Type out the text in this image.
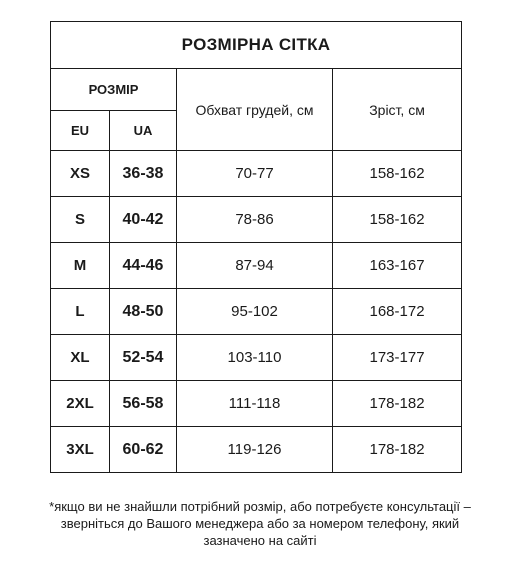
РОЗМІРНА СІТКА			
РОЗМІР		Обхват грудей, см	Зріст, см
EU	UA		
XS	36-38	70-77	158-162
S	40-42	78-86	158-162
M	44-46	87-94	163-167
L	48-50	95-102	168-172
XL	52-54	103-110	173-177
2XL	56-58	111-118	178-182
3XL	60-62	119-126	178-182
*якщо ви не знайшли потрібний розмір, або потребуєте консультації –
зверніться до Вашого менеджера або за номером телефону, який
зазначено на сайті
